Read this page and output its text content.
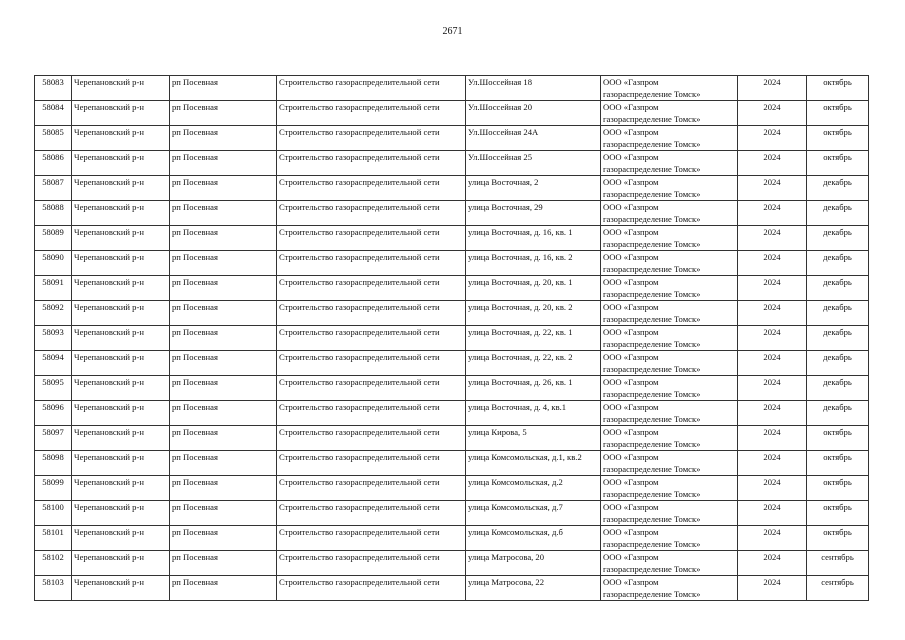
2671
58083	Черепановский р-н	рп Посевная	Строительство газораспределительной сети	Ул.Шоссейная 18	ООО «Газпром
газораспределение Томск»	2024	октябрь
58084	Черепановский р-н	рп Посевная	Строительство газораспределительной сети	Ул.Шоссейная 20	ООО «Газпром
газораспределение Томск»	2024	октябрь
58085	Черепановский р-н	рп Посевная	Строительство газораспределительной сети	Ул.Шоссейная 24А	ООО «Газпром
газораспределение Томск»	2024	октябрь
58086	Черепановский р-н	рп Посевная	Строительство газораспределительной сети	Ул.Шоссейная 25	ООО «Газпром
газораспределение Томск»	2024	октябрь
58087	Черепановский р-н	рп Посевная	Строительство газораспределительной сети	улица Восточная, 2	ООО «Газпром
газораспределение Томск»	2024	декабрь
58088	Черепановский р-н	рп Посевная	Строительство газораспределительной сети	улица Восточная, 29	ООО «Газпром
газораспределение Томск»	2024	декабрь
58089	Черепановский р-н	рп Посевная	Строительство газораспределительной сети	улица Восточная, д. 16, кв. 1	ООО «Газпром
газораспределение Томск»	2024	декабрь
58090	Черепановский р-н	рп Посевная	Строительство газораспределительной сети	улица Восточная, д. 16, кв. 2	ООО «Газпром
газораспределение Томск»	2024	декабрь
58091	Черепановский р-н	рп Посевная	Строительство газораспределительной сети	улица Восточная, д. 20, кв. 1	ООО «Газпром
газораспределение Томск»	2024	декабрь
58092	Черепановский р-н	рп Посевная	Строительство газораспределительной сети	улица Восточная, д. 20, кв. 2	ООО «Газпром
газораспределение Томск»	2024	декабрь
58093	Черепановский р-н	рп Посевная	Строительство газораспределительной сети	улица Восточная, д. 22, кв. 1	ООО «Газпром
газораспределение Томск»	2024	декабрь
58094	Черепановский р-н	рп Посевная	Строительство газораспределительной сети	улица Восточная, д. 22, кв. 2	ООО «Газпром
газораспределение Томск»	2024	декабрь
58095	Черепановский р-н	рп Посевная	Строительство газораспределительной сети	улица Восточная, д. 26, кв. 1	ООО «Газпром
газораспределение Томск»	2024	декабрь
58096	Черепановский р-н	рп Посевная	Строительство газораспределительной сети	улица Восточная, д. 4, кв.1	ООО «Газпром
газораспределение Томск»	2024	декабрь
58097	Черепановский р-н	рп Посевная	Строительство газораспределительной сети	улица Кирова, 5	ООО «Газпром
газораспределение Томск»	2024	октябрь
58098	Черепановский р-н	рп Посевная	Строительство газораспределительной сети	улица Комсомольская, д.1, кв.2	ООО «Газпром
газораспределение Томск»	2024	октябрь
58099	Черепановский р-н	рп Посевная	Строительство газораспределительной сети	улица Комсомольская, д.2	ООО «Газпром
газораспределение Томск»	2024	октябрь
58100	Черепановский р-н	рп Посевная	Строительство газораспределительной сети	улица Комсомольская, д.7	ООО «Газпром
газораспределение Томск»	2024	октябрь
58101	Черепановский р-н	рп Посевная	Строительство газораспределительной сети	улица Комсомольская, д.б	ООО «Газпром
газораспределение Томск»	2024	октябрь
58102	Черепановский р-н	рп Посевная	Строительство газораспределительной сети	улица Матросова, 20	ООО «Газпром
газораспределение Томск»	2024	сентябрь
58103	Черепановский р-н	рп Посевная	Строительство газораспределительной сети	улица Матросова, 22	ООО «Газпром
газораспределение Томск»	2024	сентябрь
